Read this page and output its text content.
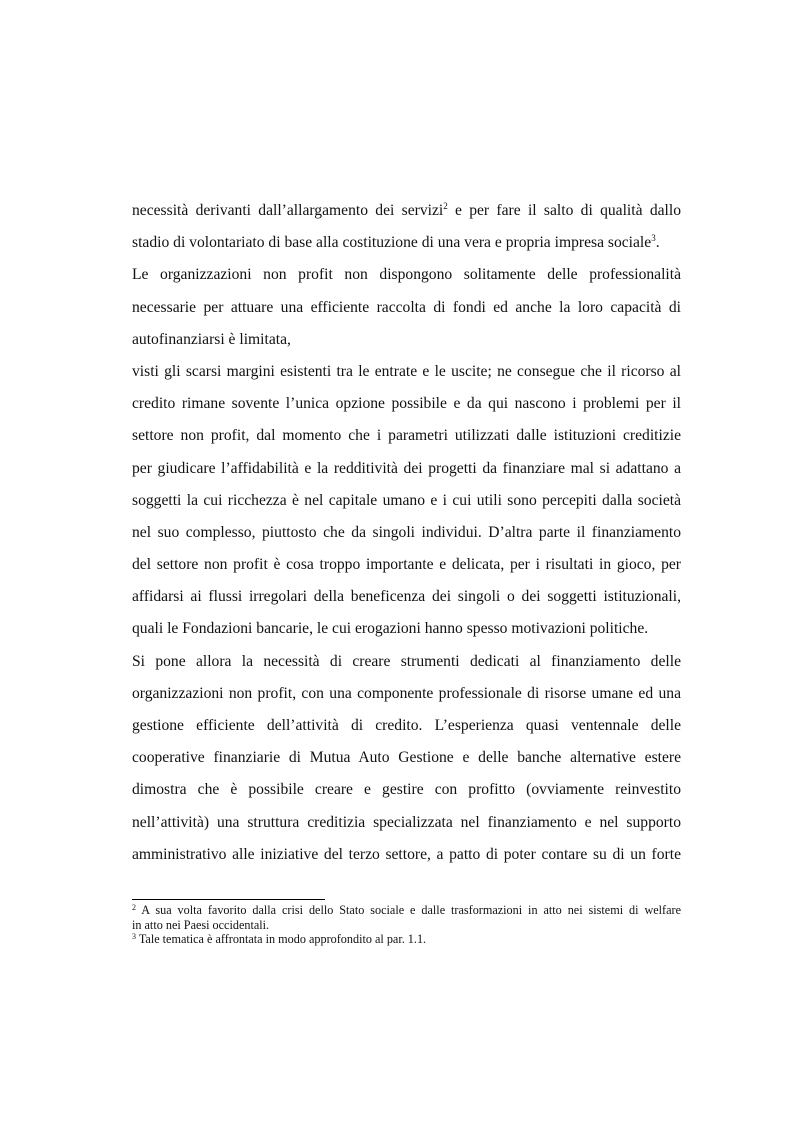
necessità derivanti dall’allargamento dei servizi$^2$ e per fare il salto di qualità dallo
stadio di volontariato di base alla costituzione di una vera e propria impresa sociale$^3$.
Le organizzazioni non profit non dispongono solitamente delle professionalità
necessarie per attuare una efficiente raccolta di fondi ed anche la loro capacità di
autofinanziarsi è limitata,
visti gli scarsi margini esistenti tra le entrate e le uscite; ne consegue che il ricorso al
credito rimane sovente l’unica opzione possibile e da qui nascono i problemi per il
settore non profit, dal momento che i parametri utilizzati dalle istituzioni creditizie
per giudicare l’affidabilità e la redditività dei progetti da finanziare mal si adattano a
soggetti la cui ricchezza è nel capitale umano e i cui utili sono percepiti dalla società
nel suo complesso, piuttosto che da singoli individui. D’altra parte il finanziamento
del settore non profit è cosa troppo importante e delicata, per i risultati in gioco, per
affidarsi ai flussi irregolari della beneficenza dei singoli o dei soggetti istituzionali,
quali le Fondazioni bancarie, le cui erogazioni hanno spesso motivazioni politiche.
Si pone allora la necessità di creare strumenti dedicati al finanziamento delle
organizzazioni non profit, con una componente professionale di risorse umane ed una
gestione efficiente dell’attività di credito. L’esperienza quasi ventennale delle
cooperative finanziarie di Mutua Auto Gestione e delle banche alternative estere
dimostra che è possibile creare e gestire con profitto (ovviamente reinvestito
nell’attività) una struttura creditizia specializzata nel finanziamento e nel supporto
amministrativo alle iniziative del terzo settore, a patto di poter contare su di un forte

$^2$ A sua volta favorito dalla crisi dello Stato sociale e dalle trasformazioni in atto nei sistemi di welfare

in atto nei Paesi occidentali.

$^3$ Tale tematica è affrontata in modo approfondito al par. 1.1.
